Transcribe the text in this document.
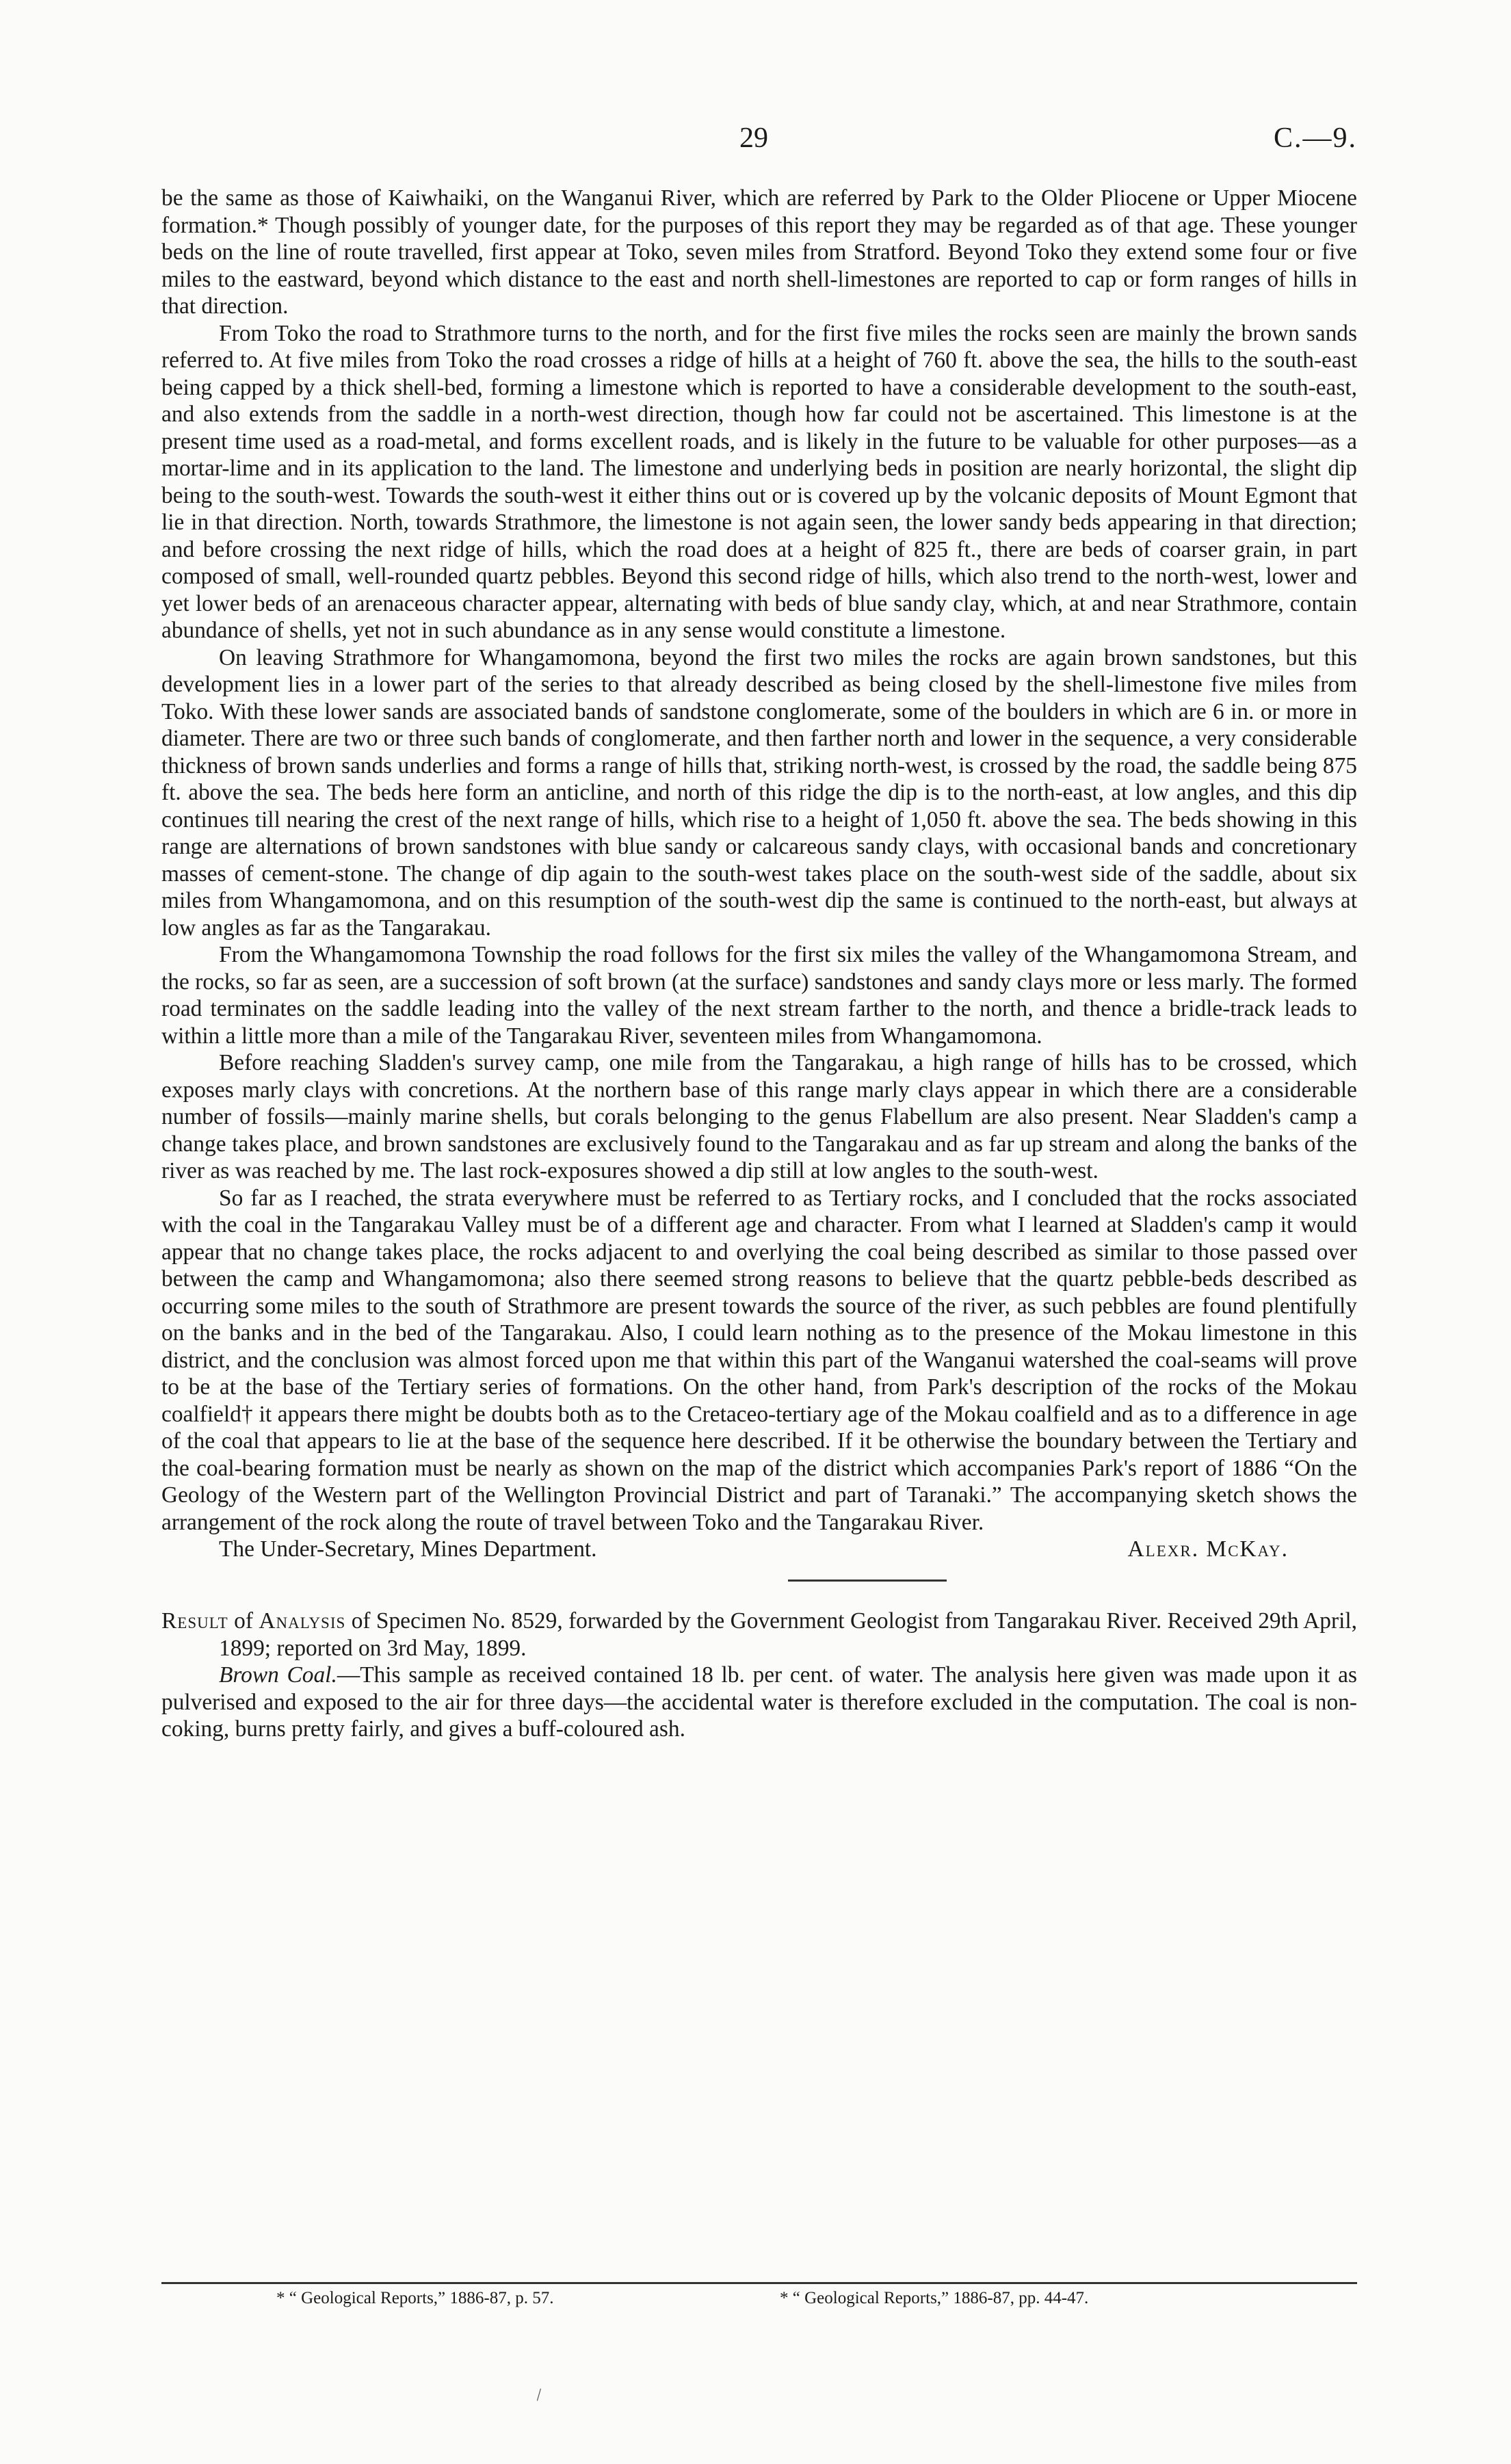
29	C.—9.

be the same as those of Kaiwhaiki, on the Wanganui River, which are referred by Park to the Older Pliocene or Upper Miocene formation.* Though possibly of younger date, for the purposes of this report they may be regarded as of that age. These younger beds on the line of route travelled, first appear at Toko, seven miles from Stratford. Beyond Toko they extend some four or five miles to the eastward, beyond which distance to the east and north shell-limestones are reported to cap or form ranges of hills in that direction.

From Toko the road to Strathmore turns to the north, and for the first five miles the rocks seen are mainly the brown sands referred to. At five miles from Toko the road crosses a ridge of hills at a height of 760 ft. above the sea, the hills to the south-east being capped by a thick shell-bed, forming a limestone which is reported to have a considerable development to the south-east, and also extends from the saddle in a north-west direction, though how far could not be ascertained. This limestone is at the present time used as a road-metal, and forms excellent roads, and is likely in the future to be valuable for other purposes—as a mortar-lime and in its application to the land. The limestone and underlying beds in position are nearly horizontal, the slight dip being to the south-west. Towards the south-west it either thins out or is covered up by the volcanic deposits of Mount Egmont that lie in that direction. North, towards Strathmore, the limestone is not again seen, the lower sandy beds appearing in that direction; and before crossing the next ridge of hills, which the road does at a height of 825 ft., there are beds of coarser grain, in part composed of small, well-rounded quartz pebbles. Beyond this second ridge of hills, which also trend to the north-west, lower and yet lower beds of an arenaceous character appear, alternating with beds of blue sandy clay, which, at and near Strathmore, contain abundance of shells, yet not in such abundance as in any sense would constitute a limestone.

On leaving Strathmore for Whangamomona, beyond the first two miles the rocks are again brown sandstones, but this development lies in a lower part of the series to that already described as being closed by the shell-limestone five miles from Toko. With these lower sands are associated bands of sandstone conglomerate, some of the boulders in which are 6 in. or more in diameter. There are two or three such bands of conglomerate, and then farther north and lower in the sequence, a very considerable thickness of brown sands underlies and forms a range of hills that, striking north-west, is crossed by the road, the saddle being 875 ft. above the sea. The beds here form an anticline, and north of this ridge the dip is to the north-east, at low angles, and this dip continues till nearing the crest of the next range of hills, which rise to a height of 1,050 ft. above the sea. The beds showing in this range are alternations of brown sandstones with blue sandy or calcareous sandy clays, with occasional bands and concretionary masses of cement-stone. The change of dip again to the south-west takes place on the south-west side of the saddle, about six miles from Whangamomona, and on this resumption of the south-west dip the same is continued to the north-east, but always at low angles as far as the Tangarakau.

From the Whangamomona Township the road follows for the first six miles the valley of the Whangamomona Stream, and the rocks, so far as seen, are a succession of soft brown (at the surface) sandstones and sandy clays more or less marly. The formed road terminates on the saddle leading into the valley of the next stream farther to the north, and thence a bridle-track leads to within a little more than a mile of the Tangarakau River, seventeen miles from Whangamomona.

Before reaching Sladden's survey camp, one mile from the Tangarakau, a high range of hills has to be crossed, which exposes marly clays with concretions. At the northern base of this range marly clays appear in which there are a considerable number of fossils—mainly marine shells, but corals belonging to the genus Flabellum are also present. Near Sladden's camp a change takes place, and brown sandstones are exclusively found to the Tangarakau and as far up stream and along the banks of the river as was reached by me. The last rock-exposures showed a dip still at low angles to the south-west.

So far as I reached, the strata everywhere must be referred to as Tertiary rocks, and I concluded that the rocks associated with the coal in the Tangarakau Valley must be of a different age and character. From what I learned at Sladden's camp it would appear that no change takes place, the rocks adjacent to and overlying the coal being described as similar to those passed over between the camp and Whangamomona; also there seemed strong reasons to believe that the quartz pebble-beds described as occurring some miles to the south of Strathmore are present towards the source of the river, as such pebbles are found plentifully on the banks and in the bed of the Tangarakau. Also, I could learn nothing as to the presence of the Mokau limestone in this district, and the conclusion was almost forced upon me that within this part of the Wanganui watershed the coal-seams will prove to be at the base of the Tertiary series of formations. On the other hand, from Park's description of the rocks of the Mokau coalfield† it appears there might be doubts both as to the Cretaceo-tertiary age of the Mokau coalfield and as to a difference in age of the coal that appears to lie at the base of the sequence here described. If it be otherwise the boundary between the Tertiary and the coal-bearing formation must be nearly as shown on the map of the district which accompanies Park's report of 1886 “On the Geology of the Western part of the Wellington Provincial District and part of Taranaki.” The accompanying sketch shows the arrangement of the rock along the route of travel between Toko and the Tangarakau River.

The Under-Secretary, Mines Department.	Alexr. McKay.
Result of Analysis of Specimen No. 8529, forwarded by the Government Geologist from Tangarakau River. Received 29th April, 1899; reported on 3rd May, 1899.

Brown Coal.—This sample as received contained 18 lb. per cent. of water. The analysis here given was made upon it as pulverised and exposed to the air for three days—the accidental water is therefore excluded in the computation. The coal is non-coking, burns pretty fairly, and gives a buff-coloured ash.

* “ Geological Reports,” 1886-87, p. 57.	* “ Geological Reports,” 1886-87, pp. 44-47.
\
